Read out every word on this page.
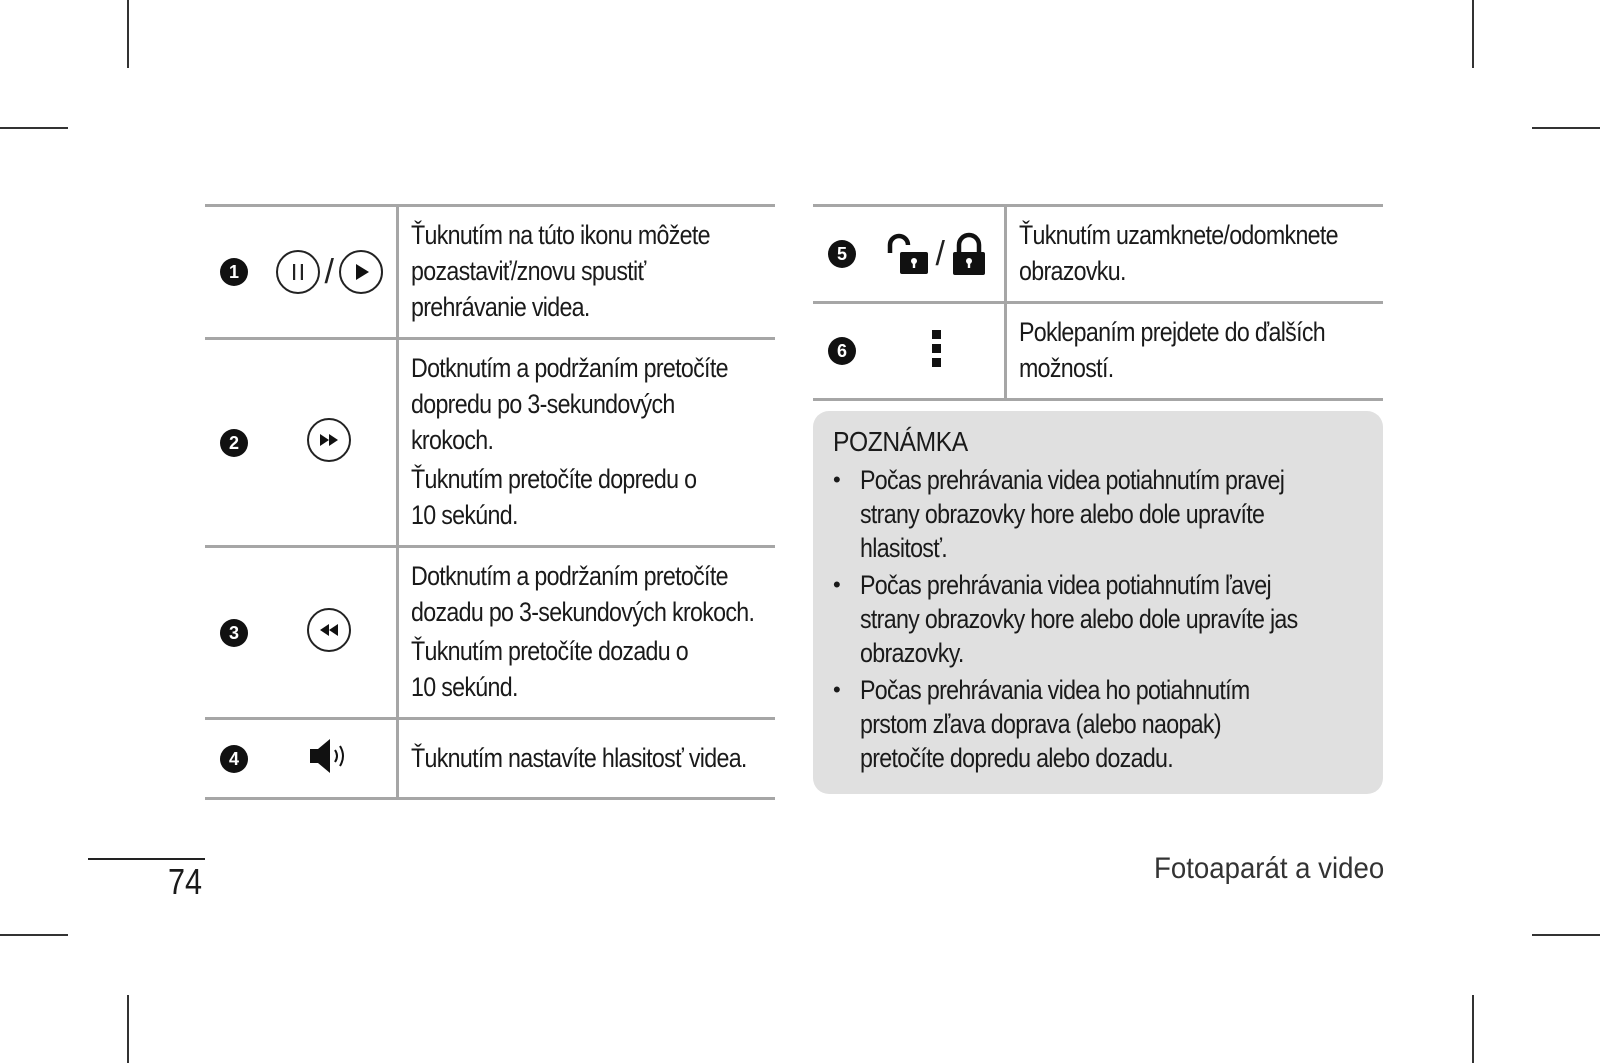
1	/	Ťuknutím na túto ikonu môžete

pozastaviť/znovu spustiť

prehrávanie videa.

2		Dotknutím a podržaním pretočíte

dopredu po 3-sekundových

krokoch.

Ťuknutím pretočíte dopredu o

10 sekúnd.

3		Dotknutím a podržaním pretočíte

dozadu po 3-sekundových krokoch.

Ťuknutím pretočíte dozadu o

10 sekúnd.

4		Ťuknutím nastavíte hlasitosť videa.

5	/	Ťuknutím uzamknete/odomknete

obrazovku.

6		Poklepaním prejdete do ďalších

možností.

POZNÁMKA
• Počas prehrávania videa potiahnutím pravej

strany obrazovky hore alebo dole upravíte

hlasitosť.

• Počas prehrávania videa potiahnutím ľavej

strany obrazovky hore alebo dole upravíte jas

obrazovky.

• Počas prehrávania videa ho potiahnutím

prstom zľava doprava (alebo naopak)

pretočíte dopredu alebo dozadu.

74	Fotoaparát a video
